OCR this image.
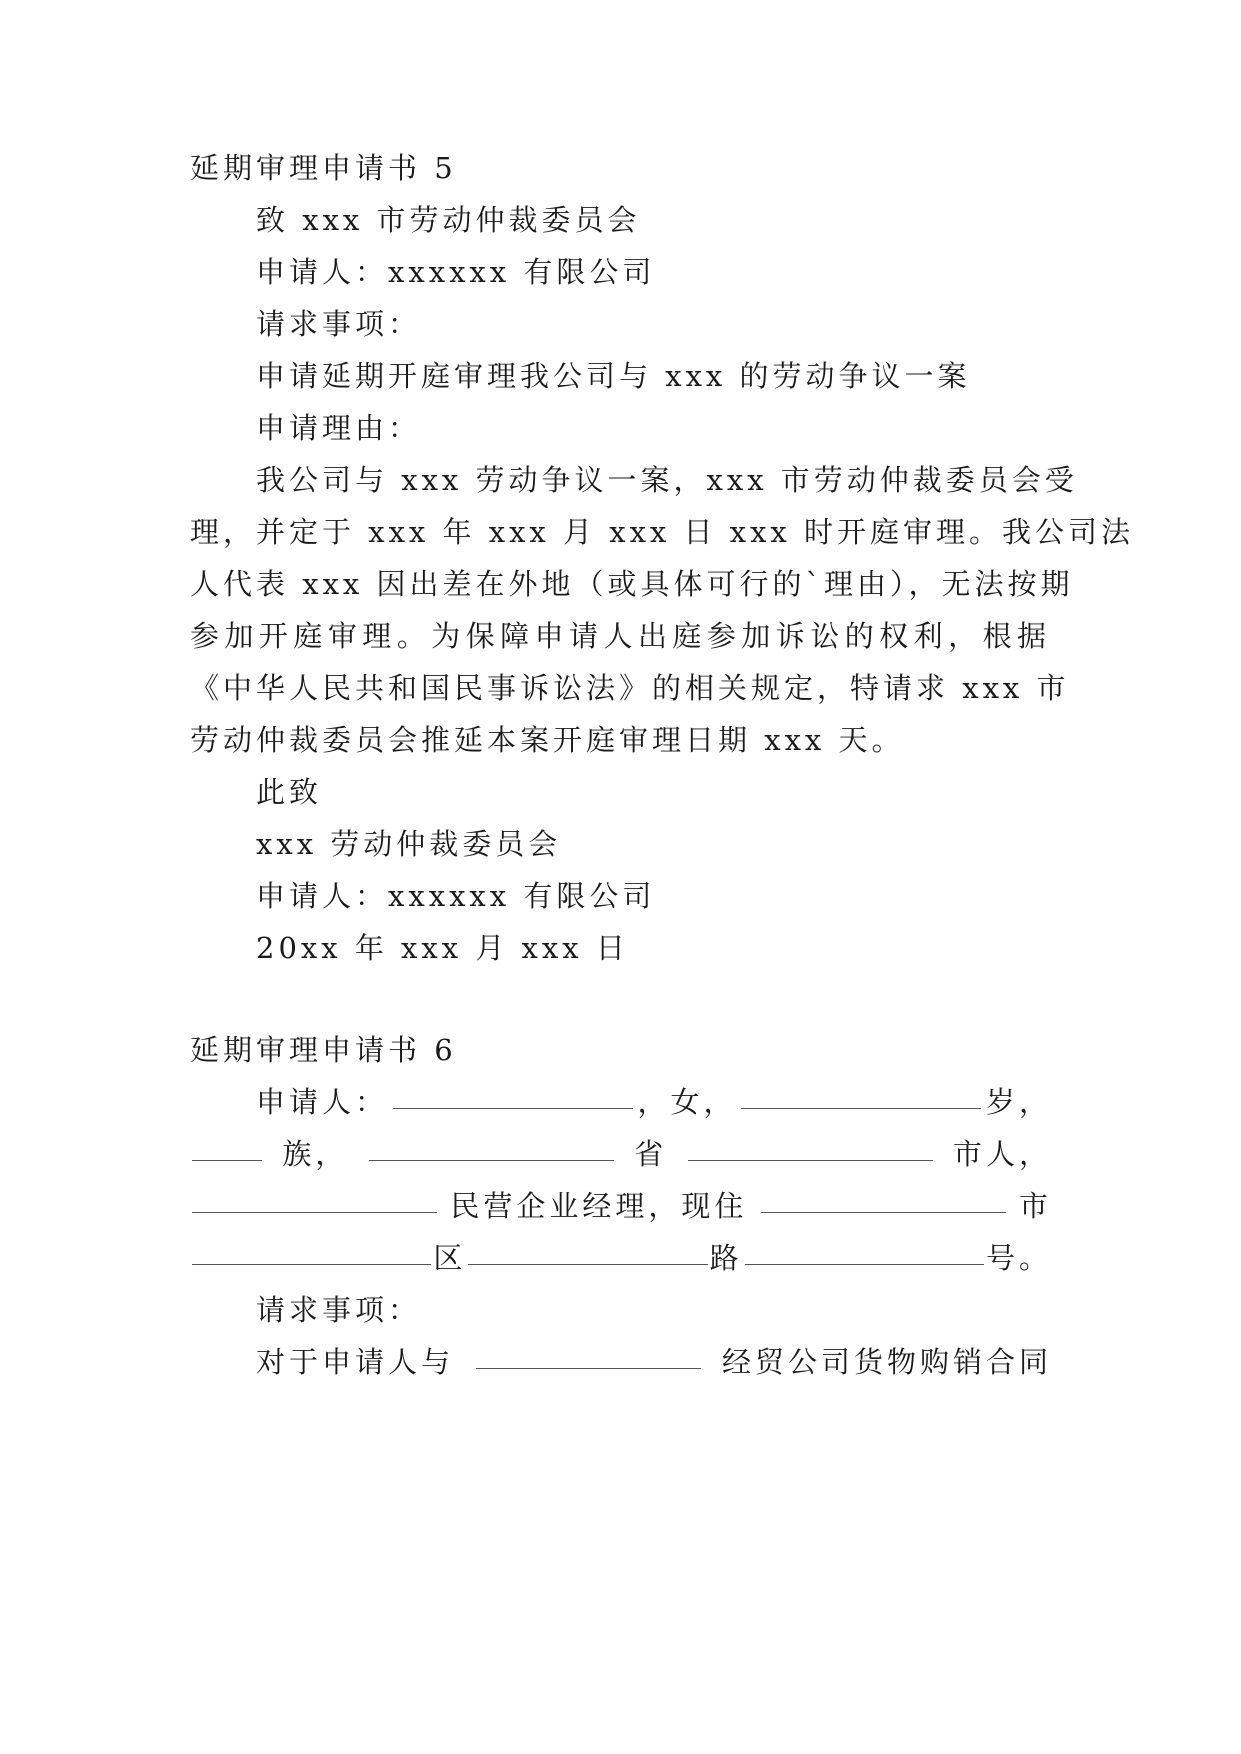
延期审理申请书 5
致 xxx 市劳动仲裁委员会
申请人：xxxxxx 有限公司
请求事项：
申请延期开庭审理我公司与 xxx 的劳动争议一案
申请理由：
我公司与 xxx 劳动争议一案，xxx 市劳动仲裁委员会受
理，并定于 xxx 年 xxx 月 xxx 日 xxx 时开庭审理。我公司法
人代表 xxx 因出差在外地（或具体可行的`理由），无法按期
参加开庭审理。为保障申请人出庭参加诉讼的权利，根据
《中华人民共和国民事诉讼法》的相关规定，特请求 xxx 市
劳动仲裁委员会推延本案开庭审理日期 xxx 天。
此致
xxx 劳动仲裁委员会
申请人：xxxxxx 有限公司
20xx 年 xxx 月 xxx 日
延期审理申请书 6
申请人：	，女，	岁，
族，	省	市人，
民营企业经理，现住	市
区	路	号。
请求事项：
对于申请人与	经贸公司货物购销合同
